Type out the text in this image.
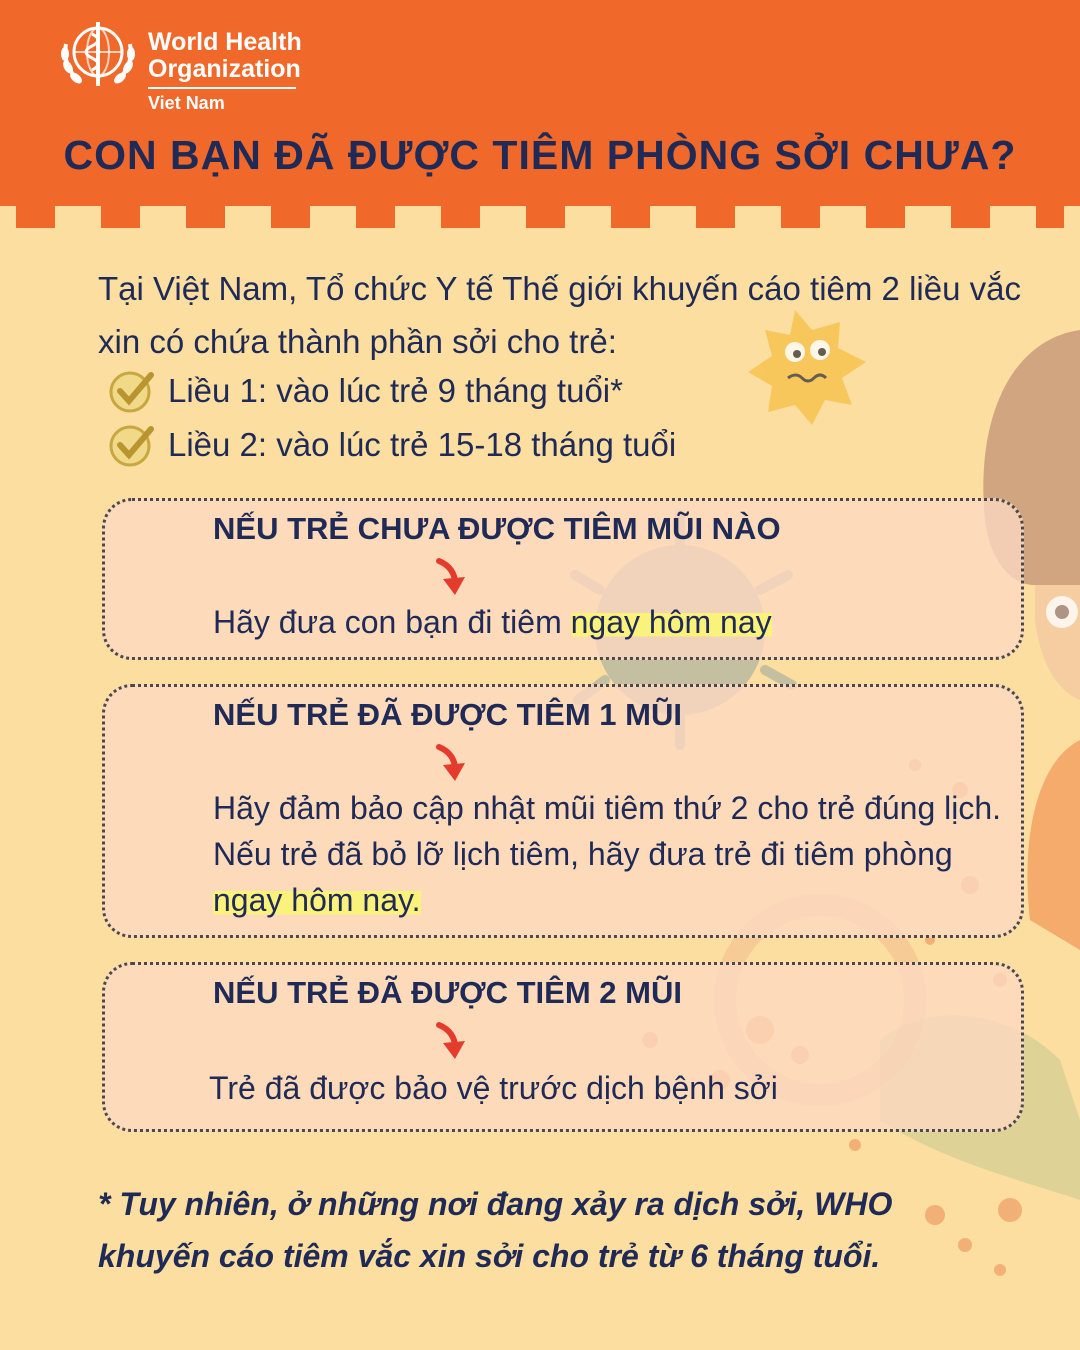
World Health
Organization
Viet Nam
CON BẠN ĐÃ ĐƯỢC TIÊM PHÒNG SỞI CHƯA?
Tại Việt Nam, Tổ chức Y tế Thế giới khuyến cáo tiêm 2 liều vắc xin có chứa thành phần sởi cho trẻ:
Liều 1: vào lúc trẻ 9 tháng tuổi*
Liều 2: vào lúc trẻ 15-18 tháng tuổi
NẾU TRẺ CHƯA ĐƯỢC TIÊM MŨI NÀO
Hãy đưa con bạn đi tiêm ngay hôm nay
NẾU TRẺ ĐÃ ĐƯỢC TIÊM 1 MŨI
Hãy đảm bảo cập nhật mũi tiêm thứ 2 cho trẻ đúng lịch. Nếu trẻ đã bỏ lỡ lịch tiêm, hãy đưa trẻ đi tiêm phòng ngay hôm nay.
NẾU TRẺ ĐÃ ĐƯỢC TIÊM 2 MŨI
Trẻ đã được bảo vệ trước dịch bệnh sởi
* Tuy nhiên, ở những nơi đang xảy ra dịch sởi, WHO khuyến cáo tiêm vắc xin sởi cho trẻ từ 6 tháng tuổi.
